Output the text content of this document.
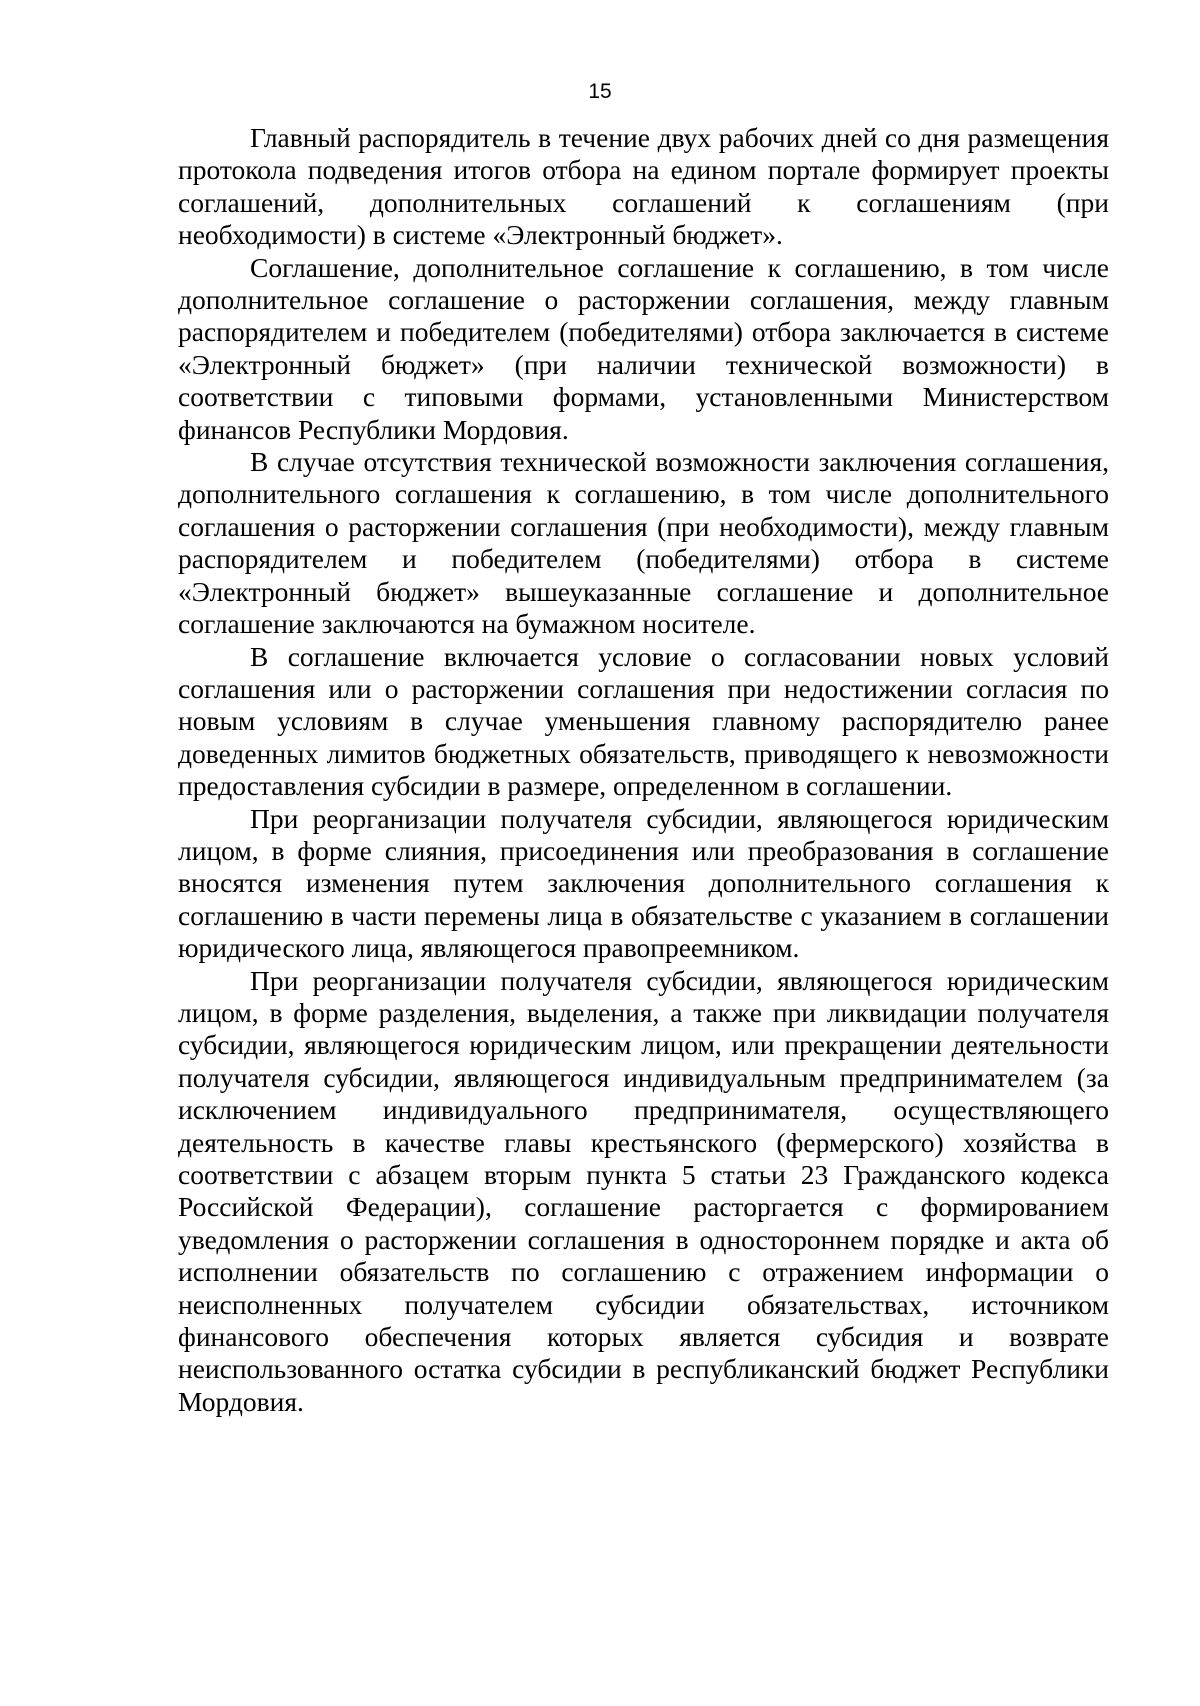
15

Главный распорядитель в течение двух рабочих дней со дня размещения протокола подведения итогов отбора на едином портале формирует проекты соглашений, дополнительных соглашений к соглашениям (при необходимости) в системе «Электронный бюджет».

Соглашение, дополнительное соглашение к соглашению, в том числе дополнительное соглашение о расторжении соглашения, между главным распорядителем и победителем (победителями) отбора заключается в системе «Электронный бюджет» (при наличии технической возможности) в соответствии с типовыми формами, установленными Министерством финансов Республики Мордовия.

В случае отсутствия технической возможности заключения соглашения, дополнительного соглашения к соглашению, в том числе дополнительного соглашения о расторжении соглашения (при необходимости), между главным распорядителем и победителем (победителями) отбора в системе «Электронный бюджет» вышеуказанные соглашение и дополнительное соглашение заключаются на бумажном носителе.

В соглашение включается условие о согласовании новых условий соглашения или о расторжении соглашения при недостижении согласия по новым условиям в случае уменьшения главному распорядителю ранее доведенных лимитов бюджетных обязательств, приводящего к невозможности предоставления субсидии в размере, определенном в соглашении.

При реорганизации получателя субсидии, являющегося юридическим лицом, в форме слияния, присоединения или преобразования в соглашение вносятся изменения путем заключения дополнительного соглашения к соглашению в части перемены лица в обязательстве с указанием в соглашении юридического лица, являющегося правопреемником.

При реорганизации получателя субсидии, являющегося юридическим лицом, в форме разделения, выделения, а также при ликвидации получателя субсидии, являющегося юридическим лицом, или прекращении деятельности получателя субсидии, являющегося индивидуальным предпринимателем (за исключением индивидуального предпринимателя, осуществляющего деятельность в качестве главы крестьянского (фермерского) хозяйства в соответствии с абзацем вторым пункта 5 статьи 23 Гражданского кодекса Российской Федерации), соглашение расторгается с формированием уведомления о расторжении соглашения в одностороннем порядке и акта об исполнении обязательств по соглашению с отражением информации о неисполненных получателем субсидии обязательствах, источником финансового обеспечения которых является субсидия и возврате неиспользованного остатка субсидии в республиканский бюджет Республики Мордовия.
